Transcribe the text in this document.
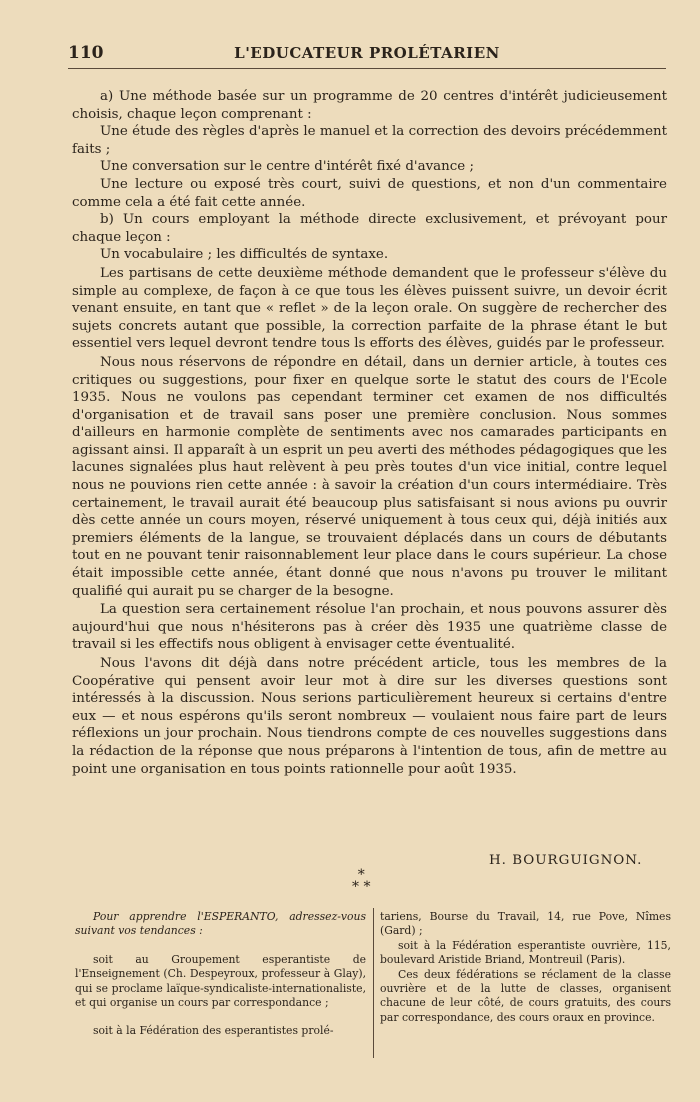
110	L'EDUCATEUR PROLÉTARIEN

a) Une méthode basée sur un programme de 20 centres d'intérêt judicieusement choisis, chaque leçon comprenant :

Une étude des règles d'après le manuel et la correction des devoirs précédemment faits ;

Une conversation sur le centre d'intérêt fixé d'avance ;

Une lecture ou exposé très court, suivi de questions, et non d'un commentaire comme cela a été fait cette année.

b) Un cours employant la méthode directe exclusivement, et prévoyant pour chaque leçon :

Un vocabulaire ; les difficultés de syntaxe.

Les partisans de cette deuxième méthode demandent que le professeur s'élève du simple au complexe, de façon à ce que tous les élèves puissent suivre, un devoir écrit venant ensuite, en tant que « reflet » de la leçon orale. On suggère de rechercher des sujets concrets autant que possible, la correction parfaite de la phrase étant le but essentiel vers lequel devront tendre tous ls efforts des élèves, guidés par le professeur.

Nous nous réservons de répondre en détail, dans un dernier article, à toutes ces critiques ou suggestions, pour fixer en quelque sorte le statut des cours de l'Ecole 1935. Nous ne voulons pas cependant terminer cet examen de nos difficultés d'organisation et de travail sans poser une première conclusion. Nous sommes d'ailleurs en harmonie complète de sentiments avec nos camarades participants en agissant ainsi. Il apparaît à un esprit un peu averti des méthodes pédagogiques que les lacunes signalées plus haut relèvent à peu près toutes d'un vice initial, contre lequel nous ne pouvions rien cette année : à savoir la création d'un cours intermédiaire. Très certainement, le travail aurait été beaucoup plus satisfaisant si nous avions pu ouvrir dès cette année un cours moyen, réservé uniquement à tous ceux qui, déjà initiés aux premiers éléments de la langue, se trouvaient déplacés dans un cours de débutants tout en ne pouvant tenir raisonnablement leur place dans le cours supérieur. La chose était impossible cette année, étant donné que nous n'avons pu trouver le militant qualifié qui aurait pu se charger de la besogne.

La question sera certainement résolue l'an prochain, et nous pouvons assurer dès aujourd'hui que nous n'hésiterons pas à créer dès 1935 une quatrième classe de travail si les effectifs nous obligent à envisager cette éventualité.

Nous l'avons dit déjà dans notre précédent article, tous les membres de la Coopérative qui pensent avoir leur mot à dire sur les diverses questions sont intéressés à la discussion. Nous serions particulièrement heureux si certains d'entre eux — et nous espérons qu'ils seront nombreux — voulaient nous faire part de leurs réflexions un jour prochain. Nous tiendrons compte de ces nouvelles suggestions dans la rédaction de la réponse que nous préparons à l'intention de tous, afin de mettre au point une organisation en tous points rationnelle pour août 1935.

H. BOURGUIGNON.
*
* *

Pour apprendre l'ESPERANTO, adressez-vous suivant vos tendances :

soit au Groupement esperantiste de l'Enseignement (Ch. Despeyroux, professeur à Glay), qui se proclame laïque-syndicaliste-internationaliste, et qui organise un cours par correspondance ;

soit à la Fédération des esperantistes prolé-

tariens, Bourse du Travail, 14, rue Pove, Nîmes (Gard) ;

soit à la Fédération esperantiste ouvrière, 115, boulevard Aristide Briand, Montreuil (Paris).

Ces deux fédérations se réclament de la classe ouvrière et de la lutte de classes, organisent chacune de leur côté, de cours gratuits, des cours par correspondance, des cours oraux en province.
